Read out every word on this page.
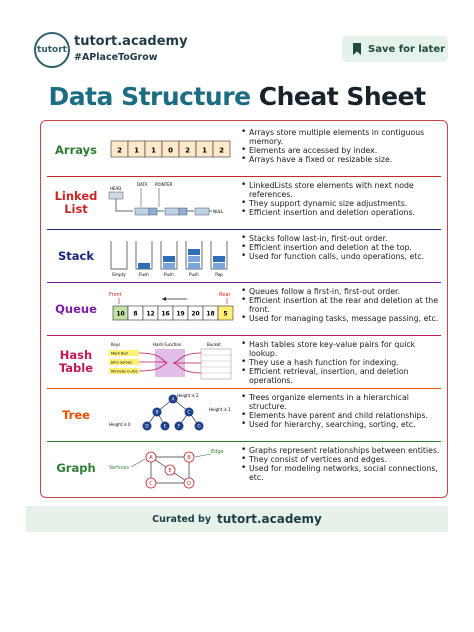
tutort
tutort.academy
#APlaceToGrow
Save for later
Data Structure Cheat Sheet
Arrays	2 1 1 0 2 1 2
• Arrays store multiple elements in contiguous memory.
• Elements are accessed by index.
• Arrays have a fixed or resizable size.
Linked List
HEAD
DATA POINTER
NULL
• LinkedLists store elements with next node references.
• They support dynamic size adjustments.
• Efficient insertion and deletion operations.
Stack
Empty	Push	Push	Push	Pop
• Stacks follow last-in, first-out order.
• Efficient insertion and deletion at the top.
• Used for function calls, undo operations, etc.
Queue
Front	Rear
10 8 12 16 19 20 18 5
• Queues follow a first-in, first-out order.
• Efficient insertion at the rear and deletion at the front.
• Used for managing tasks, message passing, etc.
Hash Table
Keys	Hash Function	Bucket
Mark Bell
John Somes
Michelle Curtis
• Hash tables store key-value pairs for quick lookup.
• They use a hash function for indexing.
• Efficient retrieval, insertion, and deletion operations.
Tree
Height is 2
Height is 1
Height is 0
A
B	C
D	E	F	G
• Trees organize elements in a hierarchical structure.
• Elements have parent and child relationships.
• Used for hierarchy, searching, sorting, etc.
Graph	Vertices
Edge
A	B
C	D
E
• Graphs represent relationships between entities.
• They consist of vertices and edges.
• Used for modeling networks, social connections, etc.
Curated by tutort.academy
